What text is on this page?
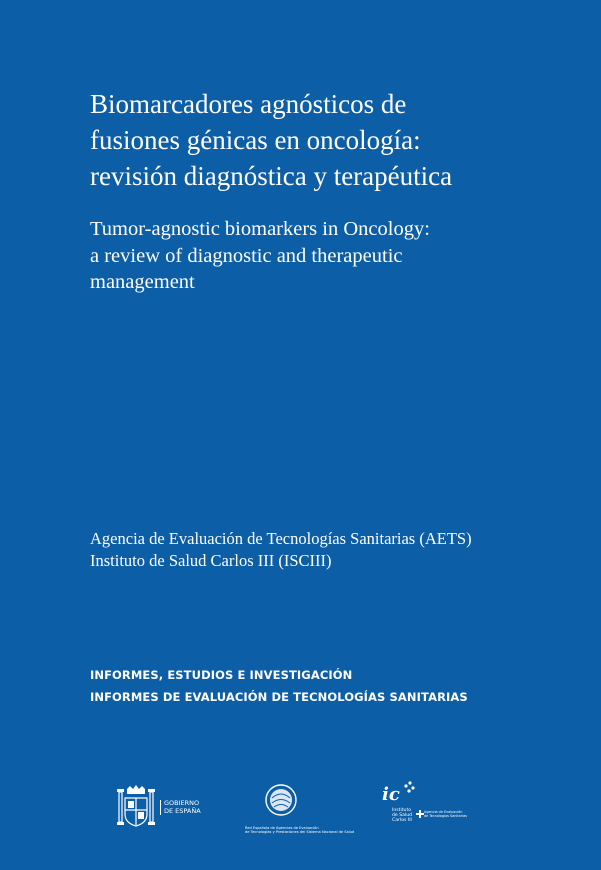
Biomarcadores agnósticos de
fusiones génicas en oncología:
revisión diagnóstica y terapéutica
Tumor-agnostic biomarkers in Oncology:
a review of diagnostic and therapeutic
management
Agencia de Evaluación de Tecnologías Sanitarias (AETS)
Instituto de Salud Carlos III (ISCIII)
INFORMES, ESTUDIOS E INVESTIGACIÓN
INFORMES DE EVALUACIÓN DE TECNOLOGÍAS SANITARIAS
GOBIERNO
DE ESPAÑA
Red Española de Agencias de Evaluación
de Tecnologías y Prestaciones del Sistema Nacional de Salud
ic
Instituto
de Salud
Carlos III
Agencia de Evaluación
de Tecnologías Sanitarias
